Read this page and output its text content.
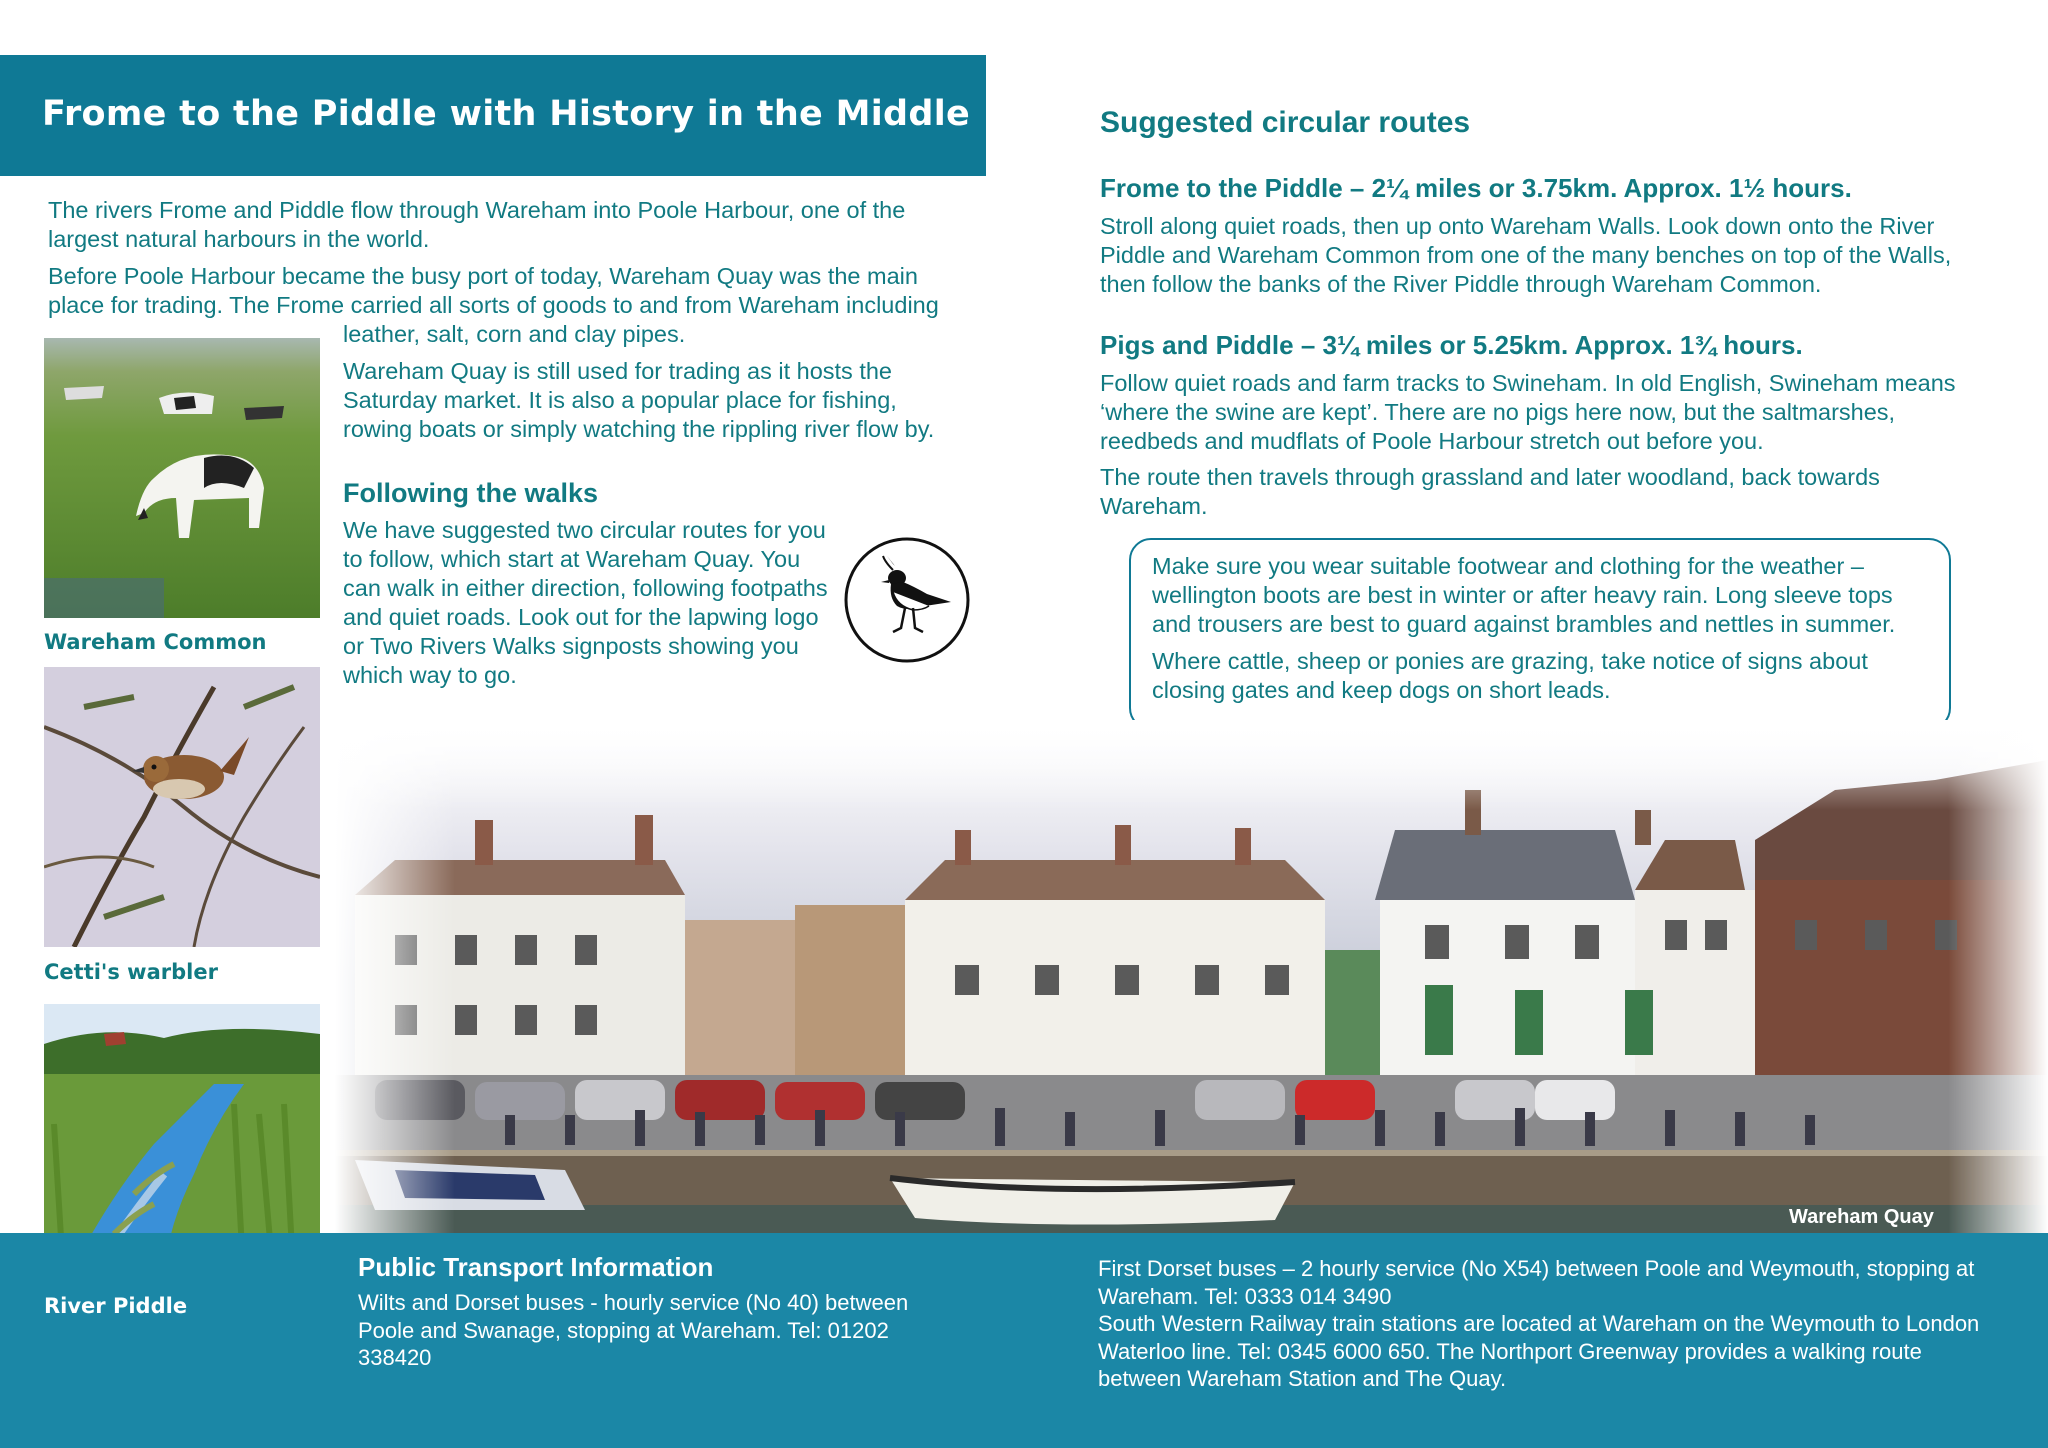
Frome to the Piddle with History in the Middle

The rivers Frome and Piddle flow through Wareham into Poole Harbour, one of the largest natural harbours in the world.

Before Poole Harbour became the busy port of today, Wareham Quay was the main

place for trading. The Frome carried all sorts of goods to and from Wareham including

leather, salt, corn and clay pipes.

Wareham Quay is still used for trading as it hosts the Saturday market. It is also a popular place for fishing, rowing boats or simply watching the rippling river flow by.

Following the walks

We have suggested two circular routes for you to follow, which start at Wareham Quay. You can walk in either direction, following footpaths and quiet roads. Look out for the lapwing logo or Two Rivers Walks signposts showing you which way to go.

Wareham Common
Cetti's warbler
Suggested circular routes
Frome to the Piddle – 2¼ miles or 3.75km. Approx. 1½ hours.

Stroll along quiet roads, then up onto Wareham Walls. Look down onto the River Piddle and Wareham Common from one of the many benches on top of the Walls, then follow the banks of the River Piddle through Wareham Common.

Pigs and Piddle – 3¼ miles or 5.25km. Approx. 1¾ hours.

Follow quiet roads and farm tracks to Swineham. In old English, Swineham means ‘where the swine are kept’. There are no pigs here now, but the saltmarshes, reedbeds and mudflats of Poole Harbour stretch out before you.

The route then travels through grassland and later woodland, back towards Wareham.

Make sure you wear suitable footwear and clothing for the weather – wellington boots are best in winter or after heavy rain. Long sleeve tops and trousers are best to guard against brambles and nettles in summer.

Where cattle, sheep or ponies are grazing, take notice of signs about closing gates and keep dogs on short leads.

Wareham Quay
River Piddle
Public Transport Information

Wilts and Dorset buses - hourly service (No 40) between Poole and Swanage, stopping at Wareham. Tel: 01202 338420

First Dorset buses – 2 hourly service (No X54) between Poole and Weymouth, stopping at Wareham. Tel: 0333 014 3490

South Western Railway train stations are located at Wareham on the Weymouth to London Waterloo line. Tel: 0345 6000 650. The Northport Greenway provides a walking route between Wareham Station and The Quay.
